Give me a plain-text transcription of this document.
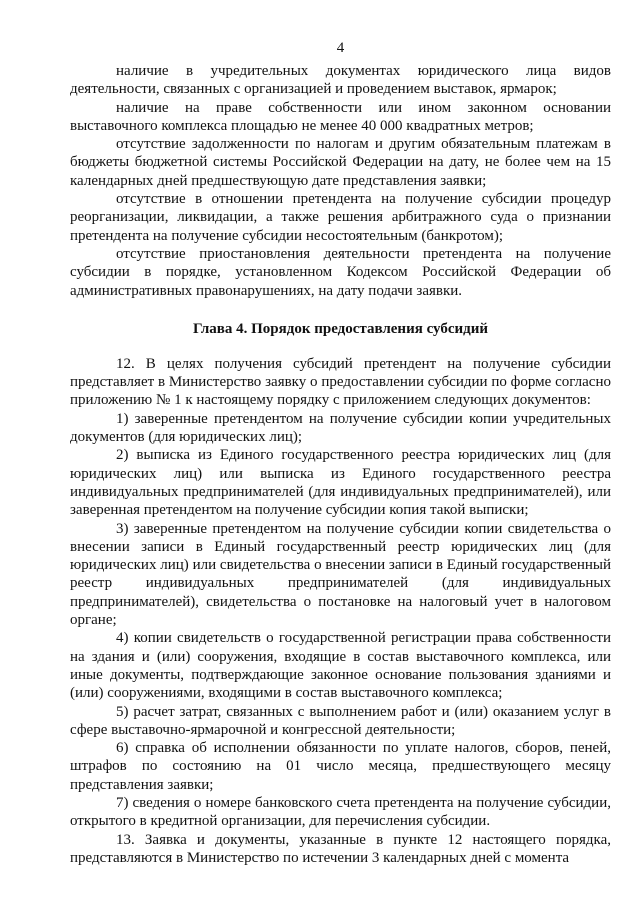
4

наличие в учредительных документах юридического лица видов деятельности, связанных с организацией и проведением выставок, ярмарок;

наличие на праве собственности или ином законном основании выставочного комплекса площадью не менее 40 000 квадратных метров;

отсутствие задолженности по налогам и другим обязательным платежам в бюджеты бюджетной системы Российской Федерации на дату, не более чем на 15 календарных дней предшествующую дате представления заявки;

отсутствие в отношении претендента на получение субсидии процедур реорганизации, ликвидации, а также решения арбитражного суда о признании претендента на получение субсидии несостоятельным (банкротом);

отсутствие приостановления деятельности претендента на получение субсидии в порядке, установленном Кодексом Российской Федерации об административных правонарушениях, на дату подачи заявки.

Глава 4. Порядок предоставления субсидий

12. В целях получения субсидий претендент на получение субсидии представляет в Министерство заявку о предоставлении субсидии по форме согласно приложению № 1 к настоящему порядку с приложением следующих документов:

1) заверенные претендентом на получение субсидии копии учредительных документов (для юридических лиц);

2) выписка из Единого государственного реестра юридических лиц (для юридических лиц) или выписка из Единого государственного реестра индивидуальных предпринимателей (для индивидуальных предпринимателей), или заверенная претендентом на получение субсидии копия такой выписки;

3) заверенные претендентом на получение субсидии копии свидетельства о внесении записи в Единый государственный реестр юридических лиц (для юридических лиц) или свидетельства о внесении записи в Единый государственный реестр индивидуальных предпринимателей (для индивидуальных предпринимателей), свидетельства о постановке на налоговый учет в налоговом органе;

4) копии свидетельств о государственной регистрации права собственности на здания и (или) сооружения, входящие в состав выставочного комплекса, или иные документы, подтверждающие законное основание пользования зданиями и (или) сооружениями, входящими в состав выставочного комплекса;

5) расчет затрат, связанных с выполнением работ и (или) оказанием услуг в сфере выставочно-ярмарочной и конгрессной деятельности;

6) справка об исполнении обязанности по уплате налогов, сборов, пеней, штрафов по состоянию на 01 число месяца, предшествующего месяцу представления заявки;

7) сведения о номере банковского счета претендента на получение субсидии, открытого в кредитной организации, для перечисления субсидии.

13. Заявка и документы, указанные в пункте 12 настоящего порядка, представляются в Министерство по истечении 3 календарных дней с момента
